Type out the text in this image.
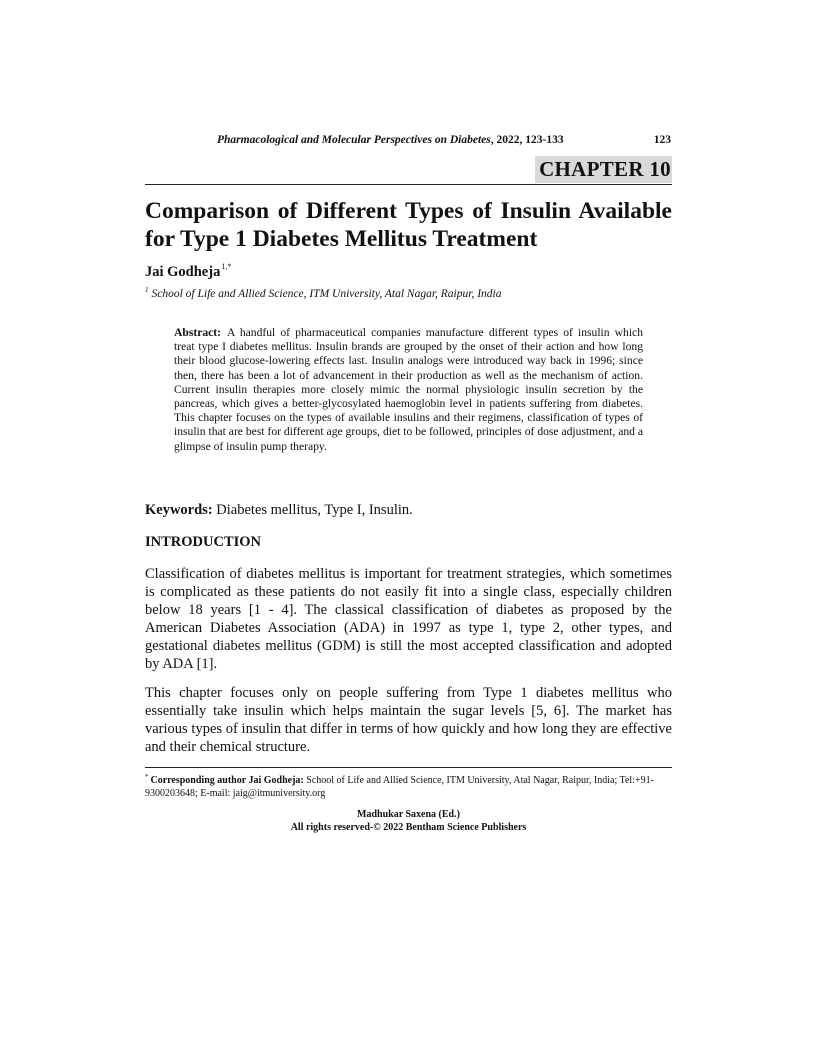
Pharmacological and Molecular Perspectives on Diabetes, 2022, 123-133	123
CHAPTER 10
Comparison of Different Types of Insulin Available for Type 1 Diabetes Mellitus Treatment
Jai Godheja$^{1,*}$
$^1$ School of Life and Allied Science, ITM University, Atal Nagar, Raipur, India

Abstract: A handful of pharmaceutical companies manufacture different types of insulin which treat type I diabetes mellitus. Insulin brands are grouped by the onset of their action and how long their blood glucose-lowering effects last. Insulin analogs were introduced way back in 1996; since then, there has been a lot of advancement in their production as well as the mechanism of action. Current insulin therapies more closely mimic the normal physiologic insulin secretion by the pancreas, which gives a better-glycosylated haemoglobin level in patients suffering from diabetes. This chapter focuses on the types of available insulins and their regimens, classification of types of insulin that are best for different age groups, diet to be followed, principles of dose adjustment, and a glimpse of insulin pump therapy.

Keywords: Diabetes mellitus, Type I, Insulin.
INTRODUCTION

Classification of diabetes mellitus is important for treatment strategies, which sometimes is complicated as these patients do not easily fit into a single class, especially children below 18 years [1 - 4]. The classical classification of diabetes as proposed by the American Diabetes Association (ADA) in 1997 as type 1, type 2, other types, and gestational diabetes mellitus (GDM) is still the most accepted classification and adopted by ADA [1].

This chapter focuses only on people suffering from Type 1 diabetes mellitus who essentially take insulin which helps maintain the sugar levels [5, 6]. The market has various types of insulin that differ in terms of how quickly and how long they are effective and their chemical structure.

* Corresponding author Jai Godheja: School of Life and Allied Science, ITM University, Atal Nagar, Raipur, India; Tel:+91-9300203648; E-mail: jaig@itmuniversity.org

Madhukar Saxena (Ed.)
All rights reserved-© 2022 Bentham Science Publishers
